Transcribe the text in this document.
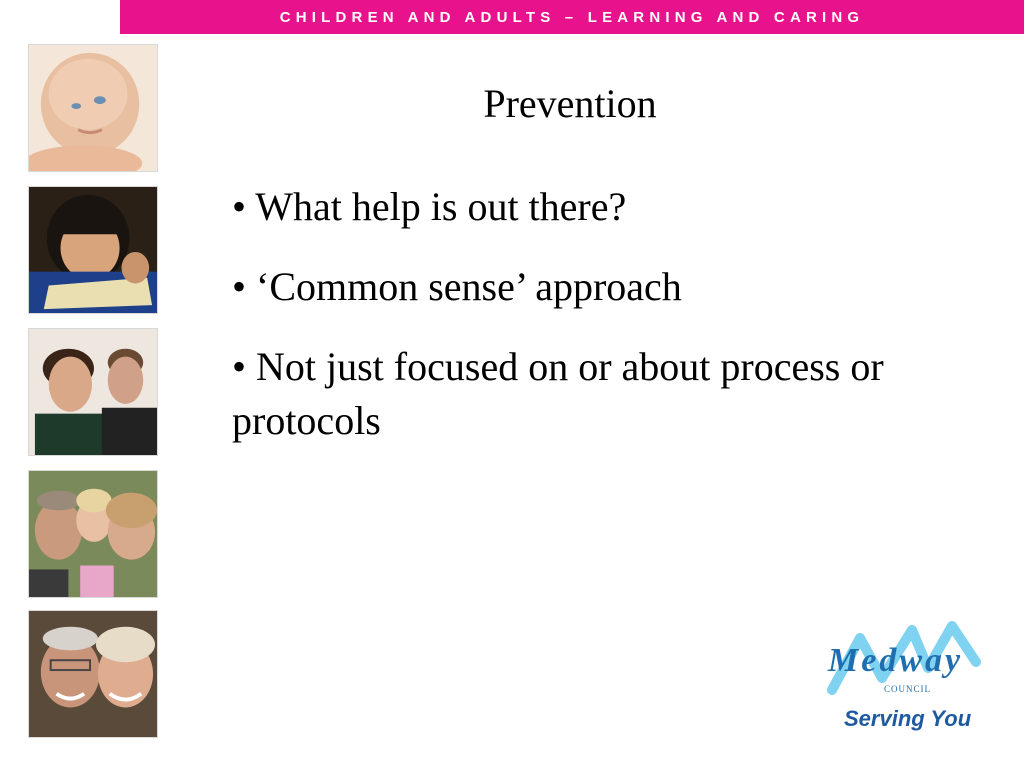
CHILDREN AND ADULTS – LEARNING AND CARING
Prevention
• What help is out there?
• ‘Common sense’ approach
• Not just focused on or about process or protocols
Medway
COUNCIL
Serving You
